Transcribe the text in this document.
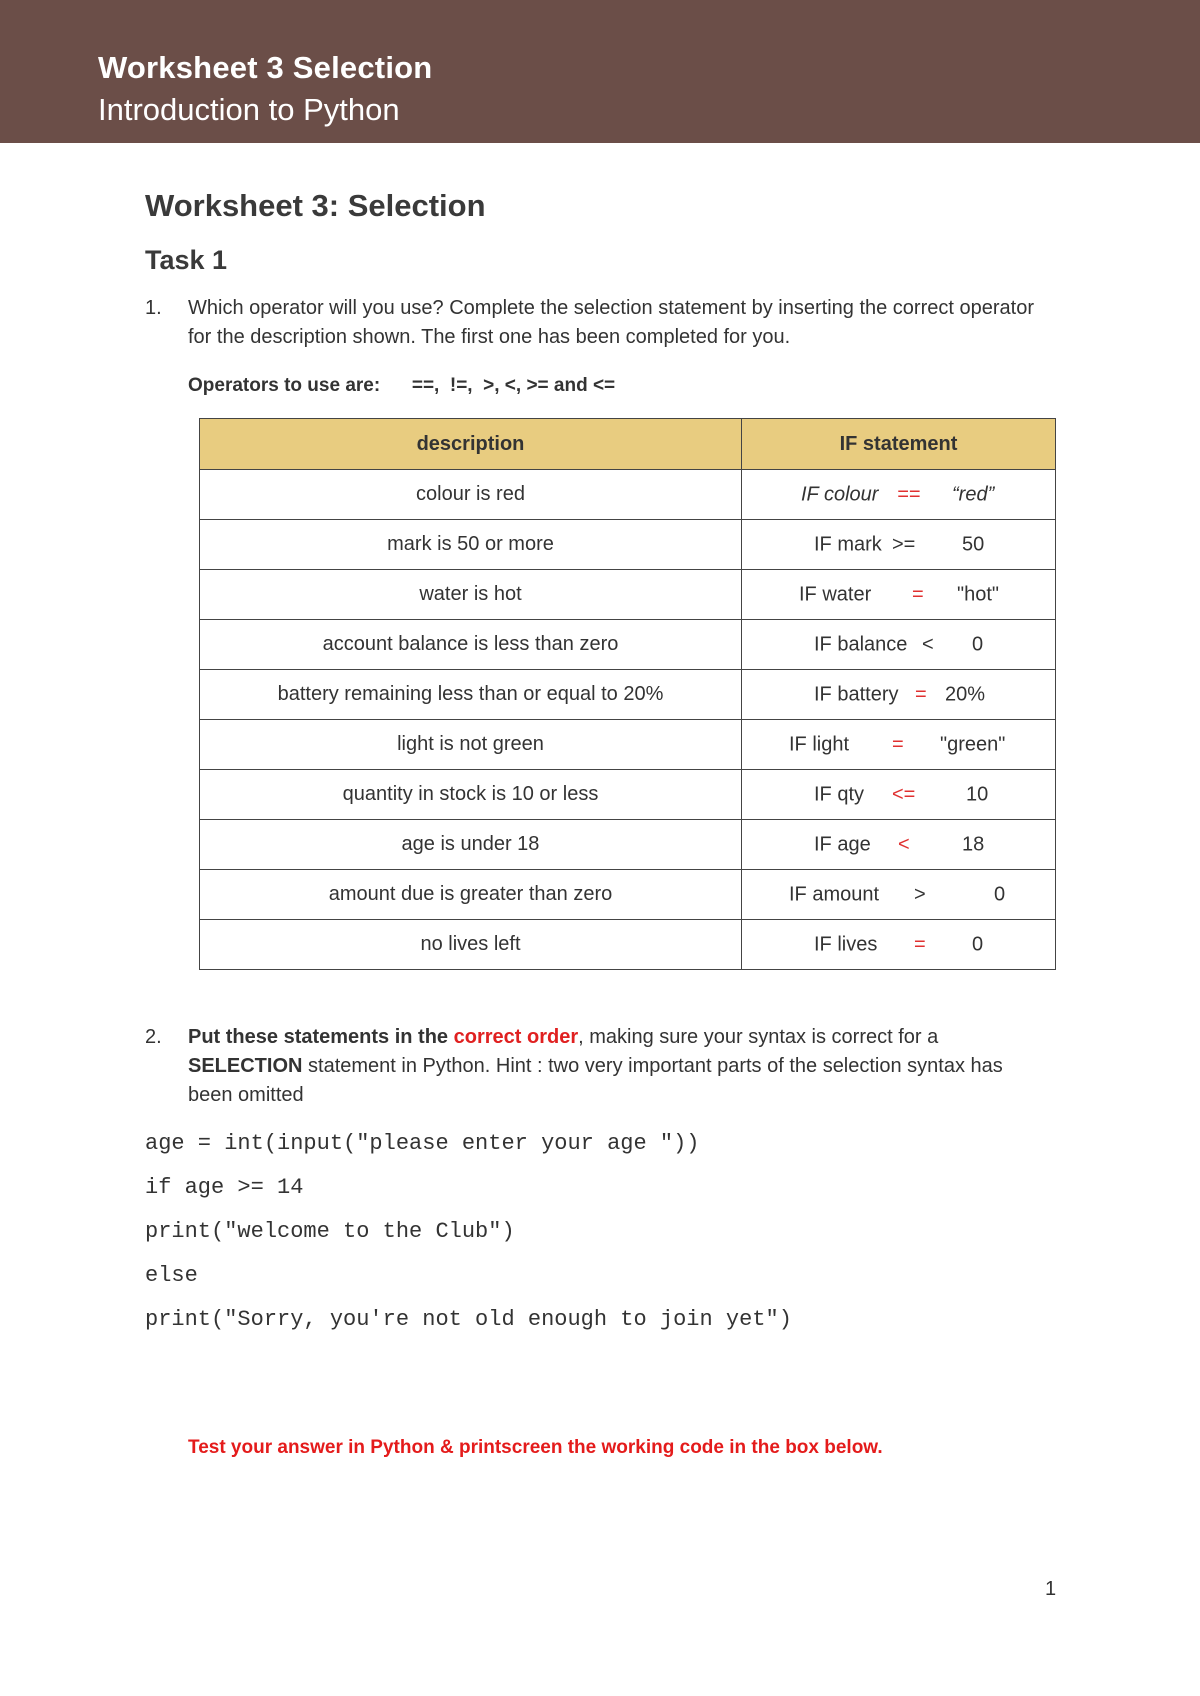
Worksheet 3 Selection
Introduction to Python
Worksheet 3: Selection
Task 1
1. Which operator will you use? Complete the selection statement by inserting the correct operator for the description shown. The first one has been completed for you.
Operators to use are:      ==,  !=,  >, <, >= and <=
description	IF statement
colour is red	IF colour == “red”

mark is 50 or more	IF mark >= 50

water is hot	IF water = "hot"

account balance is less than zero	IF balance < 0

battery remaining less than or equal to 20%	IF battery = 20%

light is not green	IF light = "green"

quantity in stock is 10 or less	IF qty <= 10

age is under 18	IF age < 18

amount due is greater than zero	IF amount > 0

no lives left	IF lives = 0
2. Put these statements in the correct order, making sure your syntax is correct for a SELECTION statement in Python. Hint : two very important parts of the selection syntax has been omitted
age = int(input("please enter your age "))
if age >= 14
print("welcome to the Club")
else
print("Sorry, you're not old enough to join yet")
Test your answer in Python & printscreen the working code in the box below.
1
